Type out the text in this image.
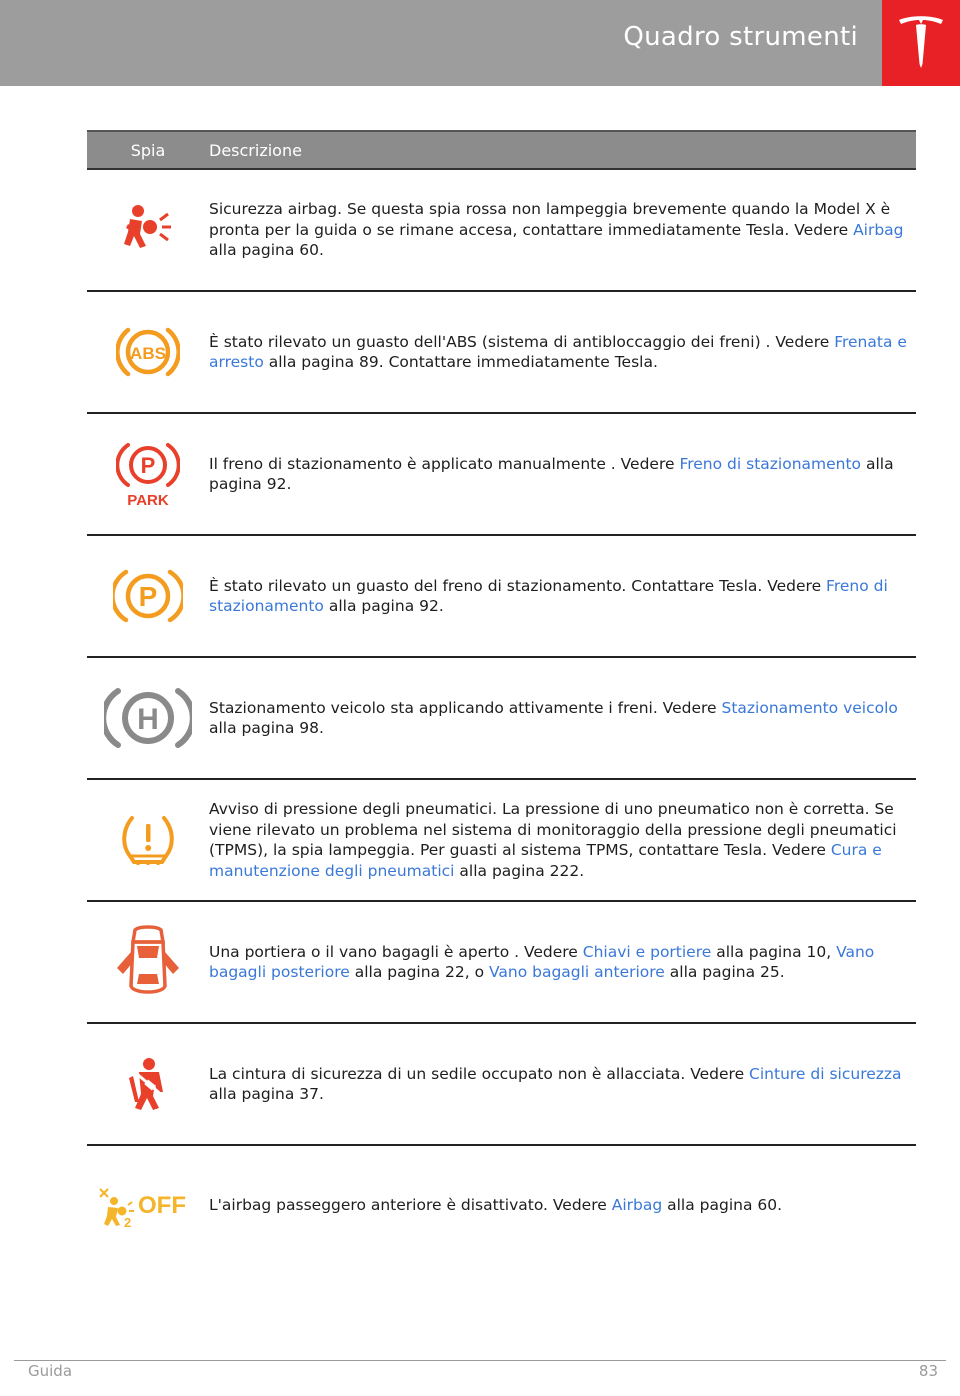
Quadro strumenti
Spia	Descrizione
	Sicurezza airbag. Se questa spia rossa non lampeggia brevemente quando la Model X è pronta per la guida o se rimane accesa, contattare immediatamente Tesla. Vedere Airbag alla pagina 60.

ABS	È stato rilevato un guasto dell'ABS (sistema di antibloccaggio dei freni) . Vedere Frenata e arresto alla pagina 89. Contattare immediatamente Tesla.

P
PARK	Il freno di stazionamento è applicato manualmente . Vedere Freno di stazionamento alla pagina 92.

P	È stato rilevato un guasto del freno di stazionamento. Contattare Tesla. Vedere Freno di stazionamento alla pagina 92.

H	Stazionamento veicolo sta applicando attivamente i freni. Vedere Stazionamento veicolo alla pagina 98.
	Avviso di pressione degli pneumatici. La pressione di uno pneumatico non è corretta. Se viene rilevato un problema nel sistema di monitoraggio della pressione degli pneumatici (TPMS), la spia lampeggia. Per guasti al sistema TPMS, contattare Tesla. Vedere Cura e manutenzione degli pneumatici alla pagina 222.
	Una portiera o il vano bagagli è aperto . Vedere Chiavi e portiere alla pagina 10, Vano bagagli posteriore alla pagina 22, o Vano bagagli anteriore alla pagina 25.
	La cintura di sicurezza di un sedile occupato non è allacciata. Vedere Cinture di sicurezza alla pagina 37.

2
OFF	L'airbag passeggero anteriore è disattivato. Vedere Airbag alla pagina 60.
Guida	83
